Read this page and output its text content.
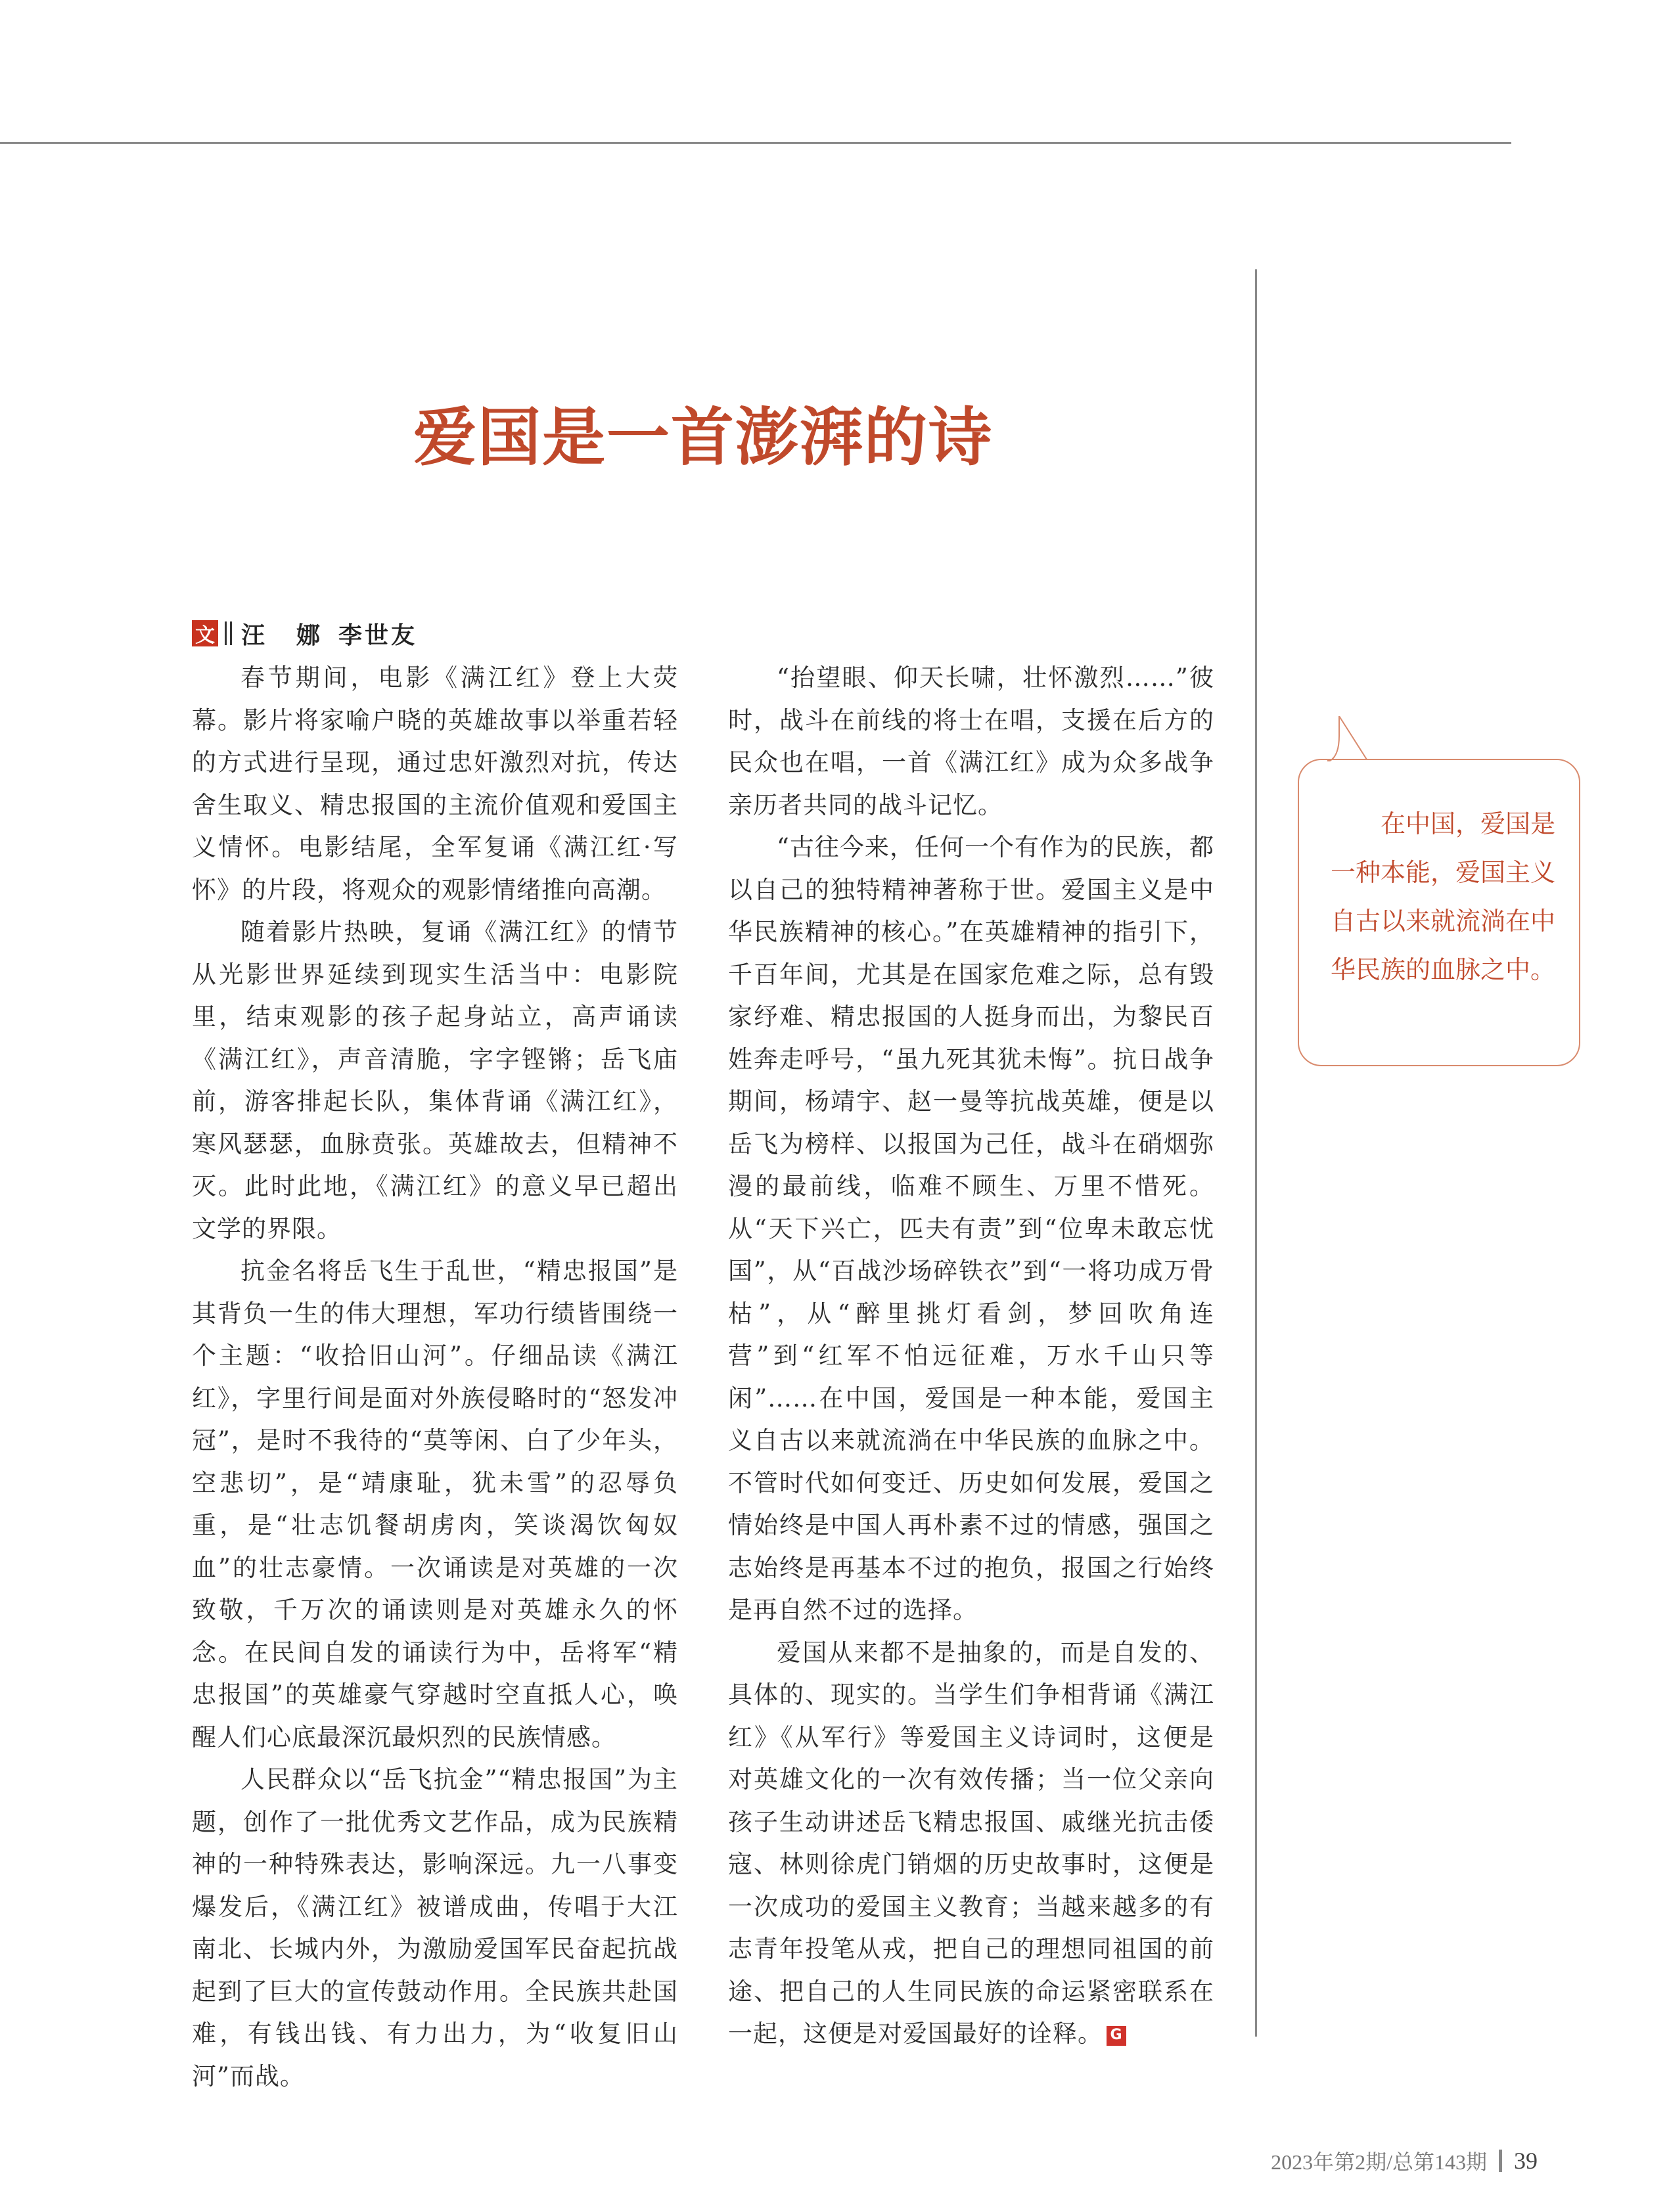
爱国是一首澎湃的诗
文 汪　娜 李世友

春节期间，电影《满江红》登上大荧幕。影片将家喻户晓的英雄故事以举重若轻的方式进行呈现，通过忠奸激烈对抗，传达舍生取义、精忠报国的主流价值观和爱国主义情怀。电影结尾，全军复诵《满江红·写怀》的片段，将观众的观影情绪推向高潮。

随着影片热映，复诵《满江红》的情节从光影世界延续到现实生活当中：电影院里，结束观影的孩子起身站立，高声诵读《满江红》，声音清脆，字字铿锵；岳飞庙前，游客排起长队，集体背诵《满江红》，寒风瑟瑟，血脉贲张。英雄故去，但精神不灭。此时此地，《满江红》的意义早已超出文学的界限。

抗金名将岳飞生于乱世，“精忠报国”是其背负一生的伟大理想，军功行绩皆围绕一个主题：“收拾旧山河”。仔细品读《满江红》，字里行间是面对外族侵略时的“怒发冲冠”，是时不我待的“莫等闲、白了少年头，空悲切”，是“靖康耻，犹未雪”的忍辱负重，是“壮志饥餐胡虏肉，笑谈渴饮匈奴血”的壮志豪情。一次诵读是对英雄的一次致敬，千万次的诵读则是对英雄永久的怀念。在民间自发的诵读行为中，岳将军“精忠报国”的英雄豪气穿越时空直抵人心，唤醒人们心底最深沉最炽烈的民族情感。

人民群众以“岳飞抗金”“精忠报国”为主题，创作了一批优秀文艺作品，成为民族精神的一种特殊表达，影响深远。九一八事变爆发后，《满江红》被谱成曲，传唱于大江南北、长城内外，为激励爱国军民奋起抗战起到了巨大的宣传鼓动作用。全民族共赴国难，有钱出钱、有力出力，为“收复旧山河”而战。

“抬望眼、仰天长啸，壮怀激烈……”彼时，战斗在前线的将士在唱，支援在后方的民众也在唱，一首《满江红》成为众多战争亲历者共同的战斗记忆。

“古往今来，任何一个有作为的民族，都以自己的独特精神著称于世。爱国主义是中华民族精神的核心。”在英雄精神的指引下，千百年间，尤其是在国家危难之际，总有毁家纾难、精忠报国的人挺身而出，为黎民百姓奔走呼号，“虽九死其犹未悔”。抗日战争期间，杨靖宇、赵一曼等抗战英雄，便是以岳飞为榜样、以报国为己任，战斗在硝烟弥漫的最前线，临难不顾生、万里不惜死。从“天下兴亡，匹夫有责”到“位卑未敢忘忧国”，从“百战沙场碎铁衣”到“一将功成万骨枯”，从“醉里挑灯看剑，梦回吹角连营”到“红军不怕远征难，万水千山只等闲”……在中国，爱国是一种本能，爱国主义自古以来就流淌在中华民族的血脉之中。不管时代如何变迁、历史如何发展，爱国之情始终是中国人再朴素不过的情感，强国之志始终是再基本不过的抱负，报国之行始终是再自然不过的选择。

爱国从来都不是抽象的，而是自发的、具体的、现实的。当学生们争相背诵《满江红》《从军行》等爱国主义诗词时，这便是对英雄文化的一次有效传播；当一位父亲向孩子生动讲述岳飞精忠报国、戚继光抗击倭寇、林则徐虎门销烟的历史故事时，这便是一次成功的爱国主义教育；当越来越多的有志青年投笔从戎，把自己的理想同祖国的前途、把自己的人生同民族的命运紧密联系在一起，这便是对爱国最好的诠释。 G

在中国，爱国是一种本能，爱国主义自古以来就流淌在中华民族的血脉之中。

2023年第2期/总第143期 39
